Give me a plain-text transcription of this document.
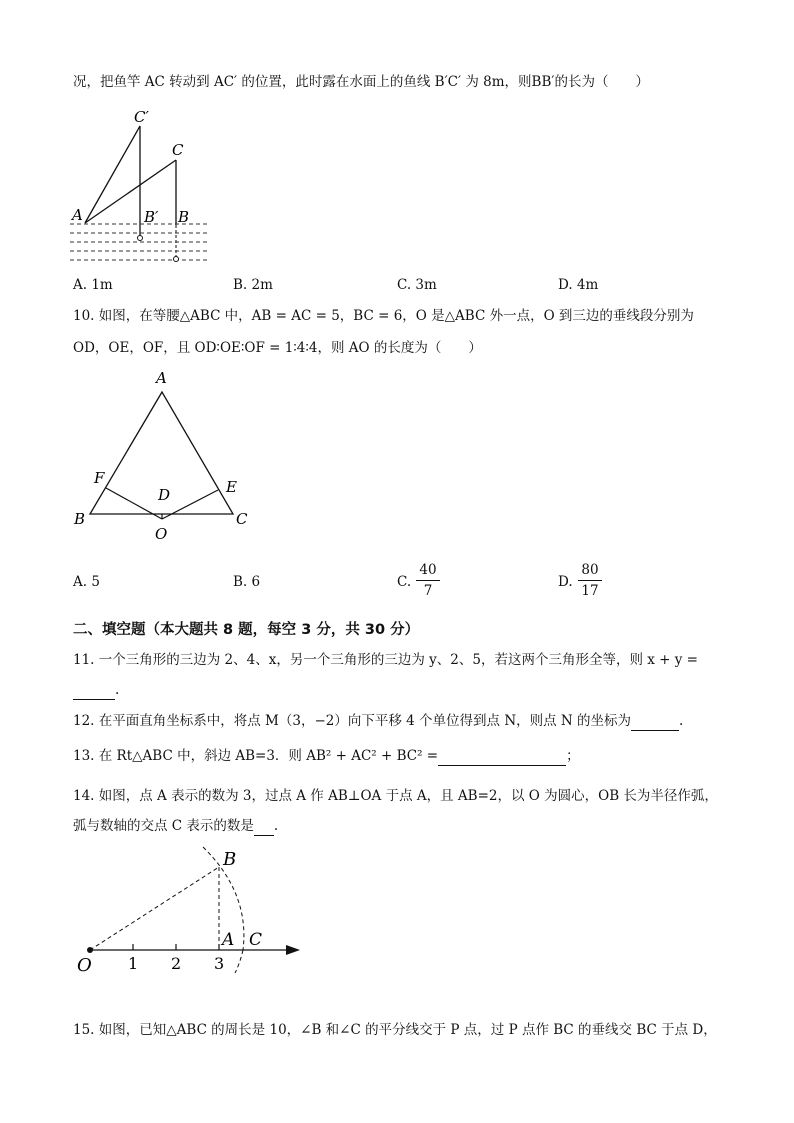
况，把鱼竿 AC 转动到 AC′ 的位置，此时露在水面上的鱼线 B′C′ 为 8m，则BB′的长为（　　）
C′
C
A	B′ B
A. 1m	B. 2m	C. 3m	D. 4m
10. 如图，在等腰△ABC 中，AB = AC = 5，BC = 6，O 是△ABC 外一点，O 到三边的垂线段分别为
OD，OE，OF，且 OD∶OE∶OF = 1∶4∶4，则 AO 的长度为（　　）
A
F
D	E
B	C
O
A. 5	B. 6	C.
40
7
D.
80
17
二、填空题（本大题共 8 题，每空 3 分，共 30 分）
11. 一个三角形的三边为 2、4、x，另一个三角形的三边为 y、2、5，若这两个三角形全等，则 x + y =
.
12. 在平面直角坐标系中，将点 M（3，−2）向下平移 4 个单位得到点 N，则点 N 的坐标为	.
13. 在 Rt△ABC 中，斜边 AB=3．则 AB² + AC² + BC² =	；
14. 如图，点 A 表示的数为 3，过点 A 作 AB⊥OA 于点 A，且 AB=2，以 O 为圆心，OB 长为半径作弧，
弧与数轴的交点 C 表示的数是 .
B
O 1 2 3
A C
15. 如图，已知△ABC 的周长是 10，∠B 和∠C 的平分线交于 P 点，过 P 点作 BC 的垂线交 BC 于点 D，
